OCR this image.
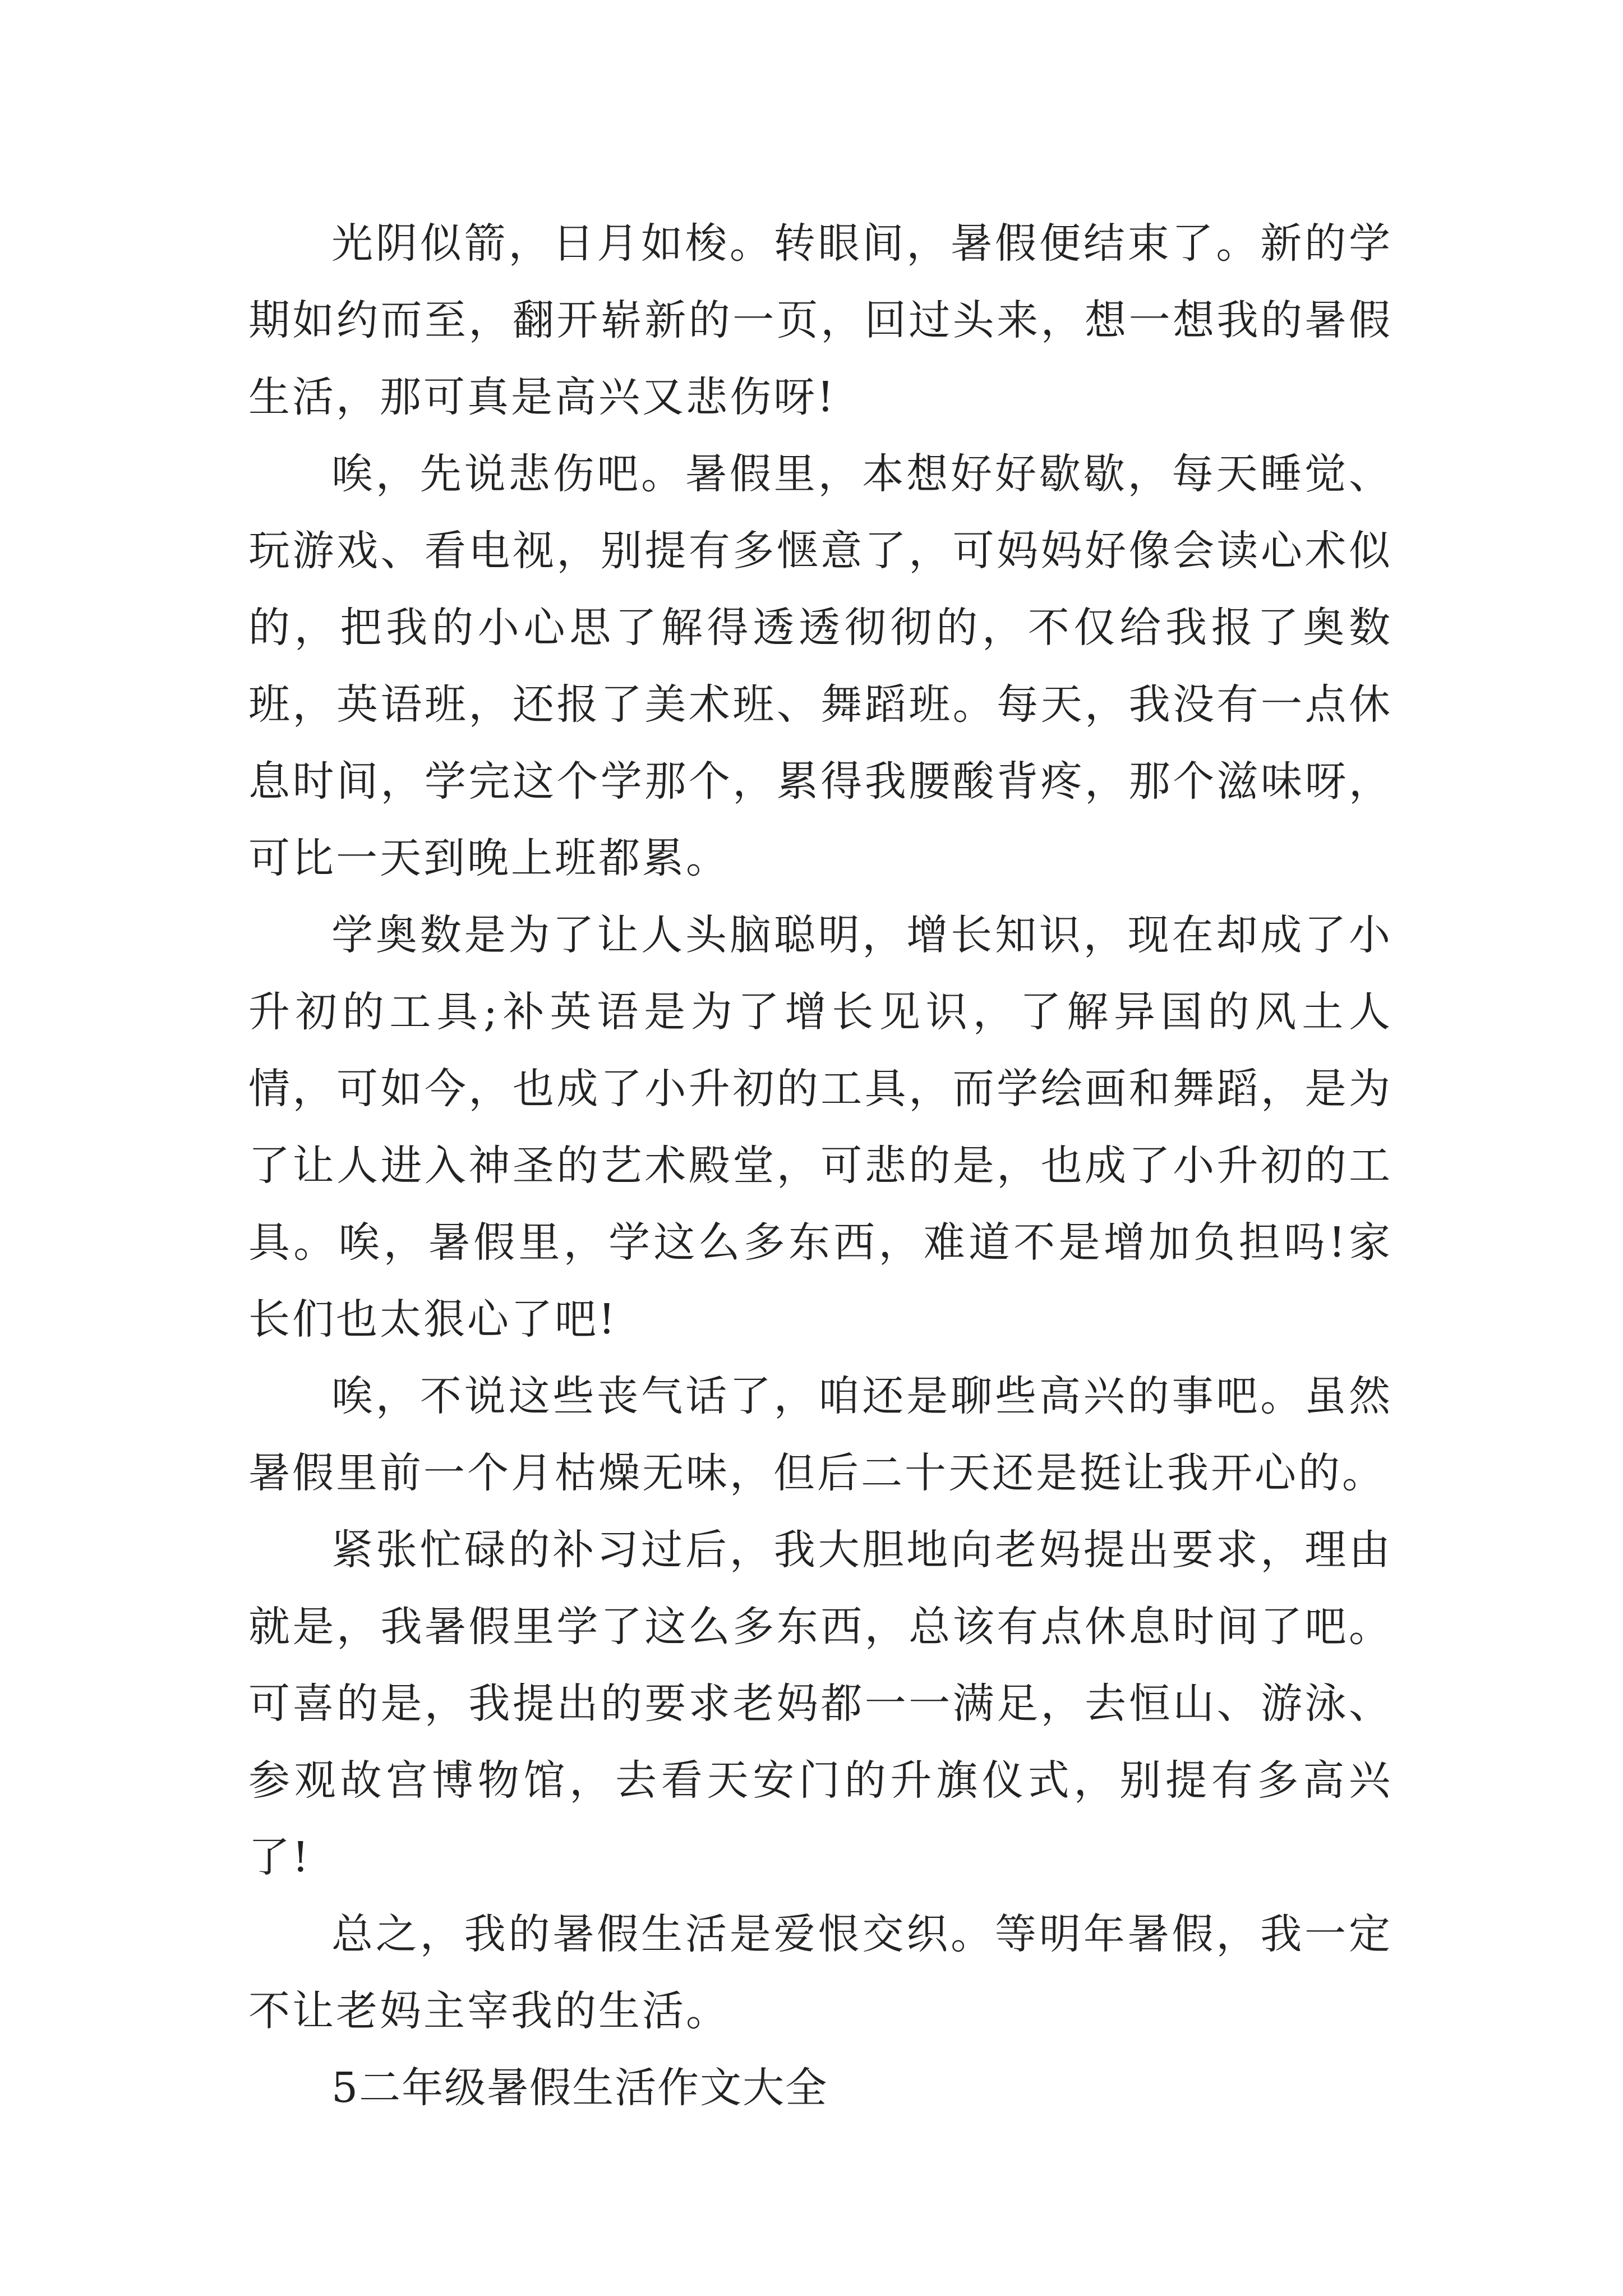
光阴似箭，日月如梭。转眼间，暑假便结束了。新的学期如约而至，翻开崭新的一页，回过头来，想一想我的暑假生活，那可真是高兴又悲伤呀!

唉，先说悲伤吧。暑假里，本想好好歇歇，每天睡觉、玩游戏、看电视，别提有多惬意了，可妈妈好像会读心术似的，把我的小心思了解得透透彻彻的，不仅给我报了奥数班，英语班，还报了美术班、舞蹈班。每天，我没有一点休息时间，学完这个学那个，累得我腰酸背疼，那个滋味呀，可比一天到晚上班都累。

学奥数是为了让人头脑聪明，增长知识，现在却成了小升初的工具;补英语是为了增长见识，了解异国的风土人情，可如今，也成了小升初的工具，而学绘画和舞蹈，是为了让人进入神圣的艺术殿堂，可悲的是，也成了小升初的工具。唉，暑假里，学这么多东西，难道不是增加负担吗!家长们也太狠心了吧!

唉，不说这些丧气话了，咱还是聊些高兴的事吧。虽然暑假里前一个月枯燥无味，但后二十天还是挺让我开心的。

紧张忙碌的补习过后，我大胆地向老妈提出要求，理由就是，我暑假里学了这么多东西，总该有点休息时间了吧。可喜的是，我提出的要求老妈都一一满足，去恒山、游泳、参观故宫博物馆，去看天安门的升旗仪式，别提有多高兴了!

总之，我的暑假生活是爱恨交织。等明年暑假，我一定不让老妈主宰我的生活。

5二年级暑假生活作文大全
